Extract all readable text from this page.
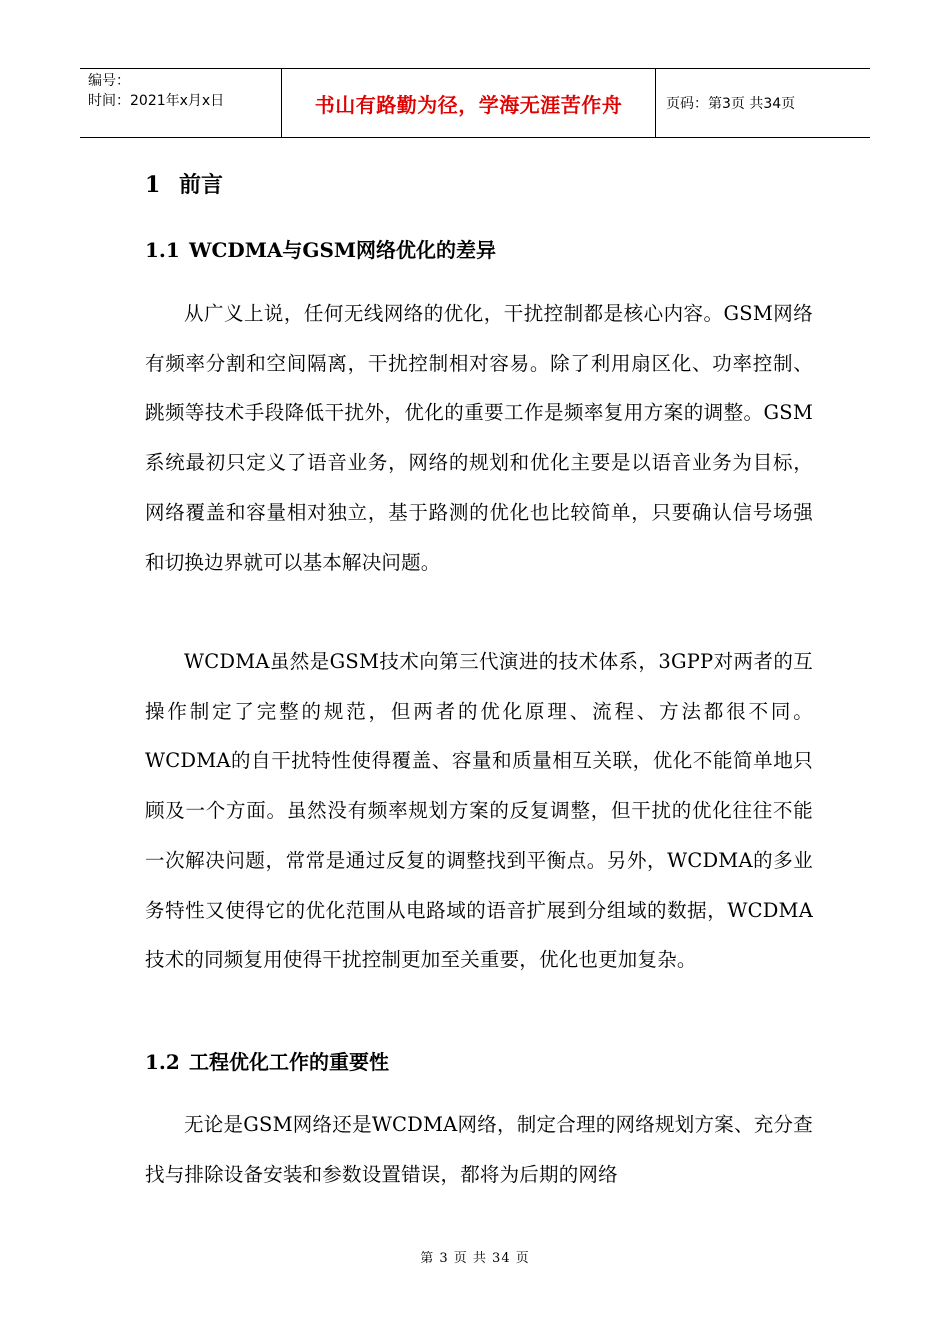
编号：
时间：2021年x月x日	书山有路勤为径，学海无涯苦作舟	页码：第3页 共34页
1 前言
1.1 WCDMA与GSM网络优化的差异

从广义上说，任何无线网络的优化，干扰控制都是核心内容。GSM网络有频率分割和空间隔离，干扰控制相对容易。除了利用扇区化、功率控制、跳频等技术手段降低干扰外，优化的重要工作是频率复用方案的调整。GSM系统最初只定义了语音业务，网络的规划和优化主要是以语音业务为目标，网络覆盖和容量相对独立，基于路测的优化也比较简单，只要确认信号场强和切换边界就可以基本解决问题。

WCDMA虽然是GSM技术向第三代演进的技术体系，3GPP对两者的互操作制定了完整的规范，但两者的优化原理、流程、方法都很不同。WCDMA的自干扰特性使得覆盖、容量和质量相互关联，优化不能简单地只顾及一个方面。虽然没有频率规划方案的反复调整，但干扰的优化往往不能一次解决问题，常常是通过反复的调整找到平衡点。另外，WCDMA的多业务特性又使得它的优化范围从电路域的语音扩展到分组域的数据，WCDMA技术的同频复用使得干扰控制更加至关重要，优化也更加复杂。

1.2 工程优化工作的重要性

无论是GSM网络还是WCDMA网络，制定合理的网络规划方案、充分查找与排除设备安装和参数设置错误，都将为后期的网络

第 3 页 共 34 页
